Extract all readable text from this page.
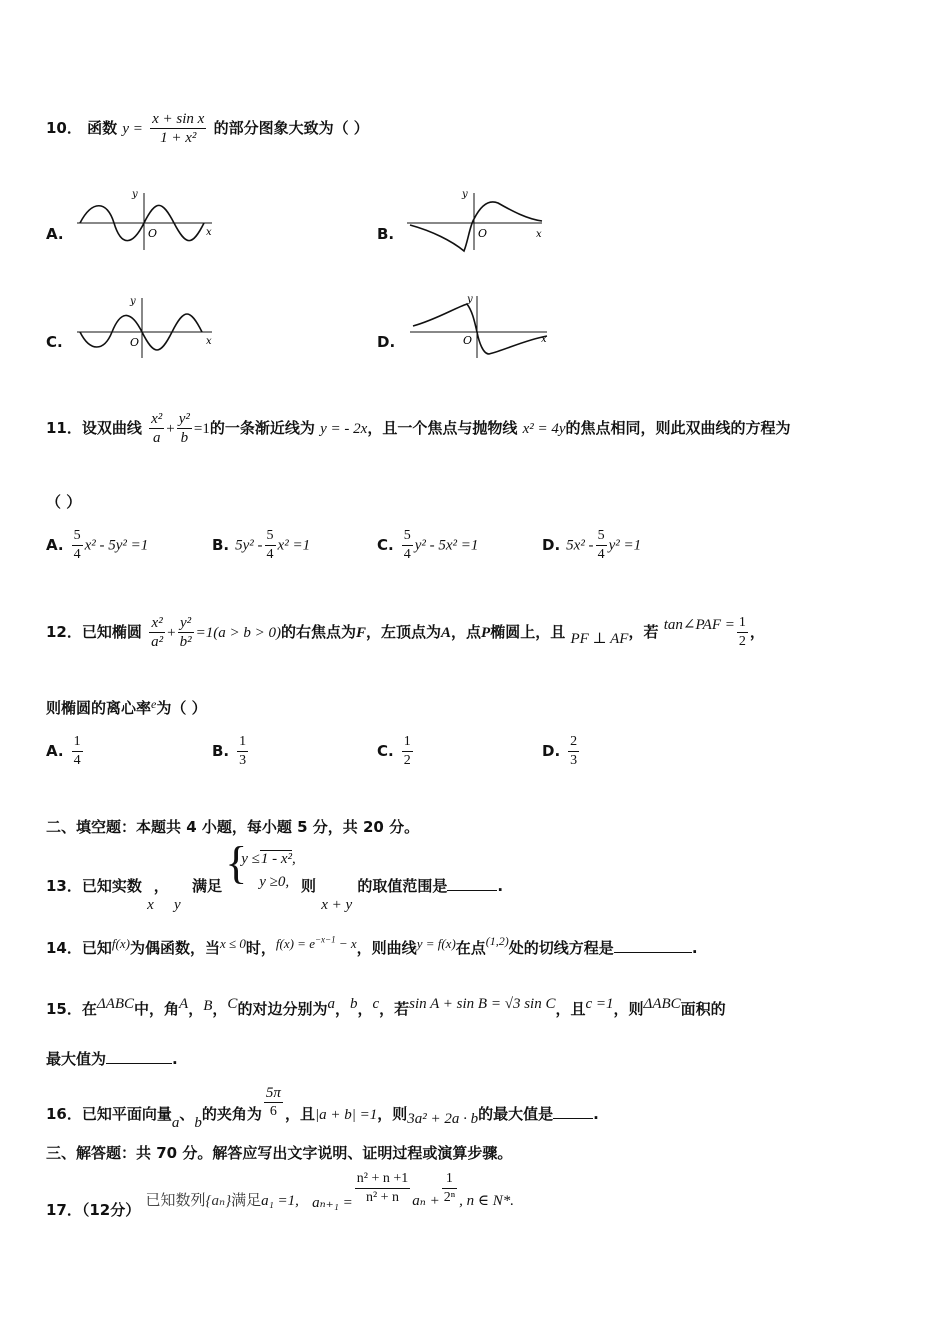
10． 函数 $y = \frac{\text{x + sin x}}{\text{1 + x²}}$ 的部分图象大致为（ ）
A.
y
x
O	B.
y
x
O
C.
y
x
O	D.
y
x
O
11．设双曲线 $\frac{\text{x²}}{a} + \frac{\text{y²}}{b} =1$的一条渐近线为 y = - 2x，且一个焦点与抛物线 x² = 4y的焦点相同，则此双曲线的方程为
（ ）
A. $\frac{5}{4} x^2 - 5y^2 =1$	B. $5y^2 - \frac{5}{4} x^2 =1$	C. $\frac{5}{4} y^2 - 5x^2 =1$	D. $5x^2 - \frac{5}{4} y^2 =1$
12．已知椭圆 $\frac{\text{x²}}{\text{a²}} + \frac{\text{y²}}{\text{b²}} =1(a > b > 0)$的右焦点为F，左顶点为A，点P椭圆上，且 PF ⊥ AF，若 tan∠PAF = $\frac{1}{2}$ ，
则椭圆的离心率$^e$为（ ）
A. $\frac{1}{4}$	B. $\frac{1}{3}$	C. $\frac{1}{2}$	D. $\frac{2}{3}$
二、填空题：本题共 4 小题，每小题 5 分，共 20 分。
13．已知实数 x， y 满足
{ y ≤1 - x²,
y ≥0, 则 x + y 的取值范围是	.
14．已知f(x)为偶函数，当x ≤ 0时，$f(x) = e^{-x-1} - x$，则曲线y = f(x)在点$^{(1,2)}$处的切线方程是	.
15．在ΔABC中，角A，B，C的对边分别为a，b，c，若sin A + sin B = √3 sin C，且c =1，则ΔABC面积的
最大值为	.
16．已知平面向量a、b的夹角为 $\frac{5\pi}{6}$ ，且|a + b| =1，则3a² + 2a · b的最大值是	.
三、解答题：共 70 分。解答应写出文字说明、证明过程或演算步骤。
17．（12分） 已知数列{aₙ}满足a₁ =1, $a_{n+1} = \frac{\text{n² + n +1}}{\text{n² + n}}$ $a_n + \frac{1}{\text{2ⁿ}}$ , n ∈ N*.
